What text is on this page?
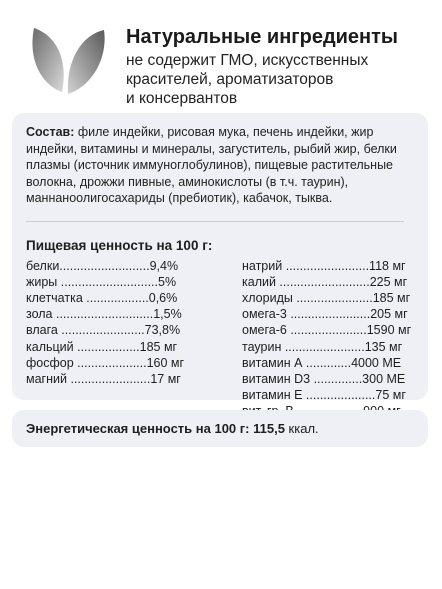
Натуральные ингредиенты
не содержит ГМО, искусственных
красителей, ароматизаторов
и консервантов

Состав: филе индейки, рисовая мука, печень индейки, жир индейки, витамины и минералы, загуститель, рыбий жир, белки плазмы (источник иммуноглобулинов), пищевые растительные волокна, дрожжи пивные, аминокислоты (в т.ч. таурин), маннаноолигосахариды (пребиотик), кабачок, тыква.

Пищевая ценность на 100 г:
белки..........................9,4%
жиры ............................5%
клетчатка ..................0,6%
зола ............................1,5%
влага ........................73,8%
кальций ..................185 мг
фосфор ....................160 мг
магний .......................17 мг
натрий ........................118 мг
калий ..........................225 мг
хлориды ......................185 мг
омега-3 .......................205 мг
омега-6 ......................1590 мг
таурин .......................135 мг
витамин А .............4000 МЕ
витамин D3 ..............300 МЕ
витамин Е ....................75 мг
Энергетическая ценность на 100 г: 115,5 ккал.
